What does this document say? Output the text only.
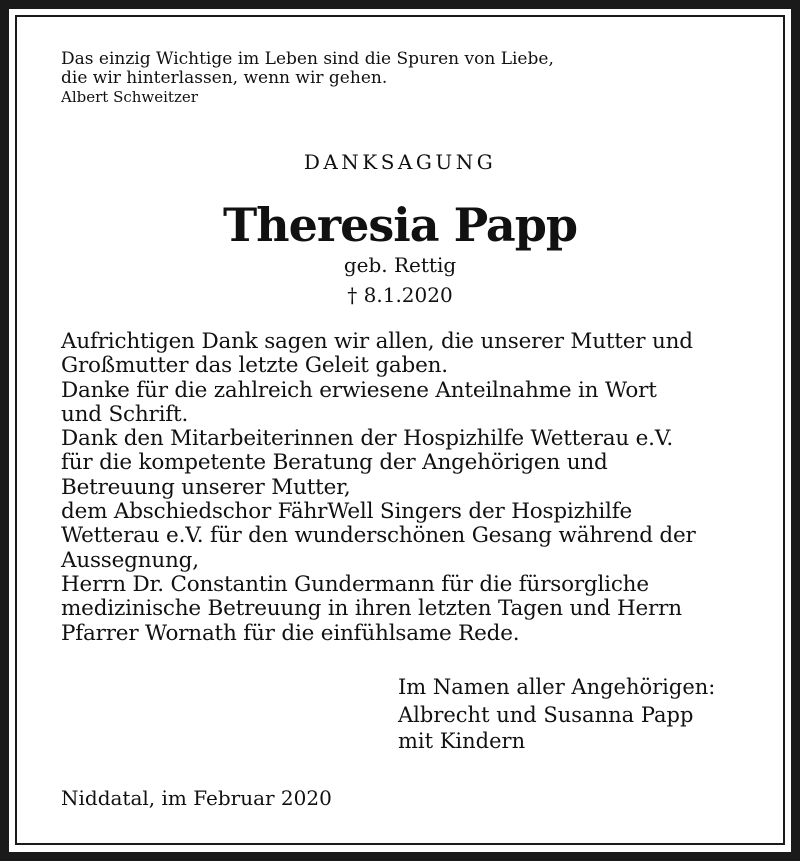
Das einzig Wichtige im Leben sind die Spuren von Liebe,
die wir hinterlassen, wenn wir gehen.
Albert Schweitzer
DANKSAGUNG
Theresia Papp
geb. Rettig
† 8.1.2020
Aufrichtigen Dank sagen wir allen, die unserer Mutter und
Großmutter das letzte Geleit gaben.
Danke für die zahlreich erwiesene Anteilnahme in Wort
und Schrift.
Dank den Mitarbeiterinnen der Hospizhilfe Wetterau e.V.
für die kompetente Beratung der Angehörigen und
Betreuung unserer Mutter,
dem Abschiedschor FährWell Singers der Hospizhilfe
Wetterau e.V. für den wunderschönen Gesang während der
Aussegnung,
Herrn Dr. Constantin Gundermann für die fürsorgliche
medizinische Betreuung in ihren letzten Tagen und Herrn
Pfarrer Wornath für die einfühlsame Rede.
Im Namen aller Angehörigen:
Albrecht und Susanna Papp
mit Kindern
Niddatal, im Februar 2020
